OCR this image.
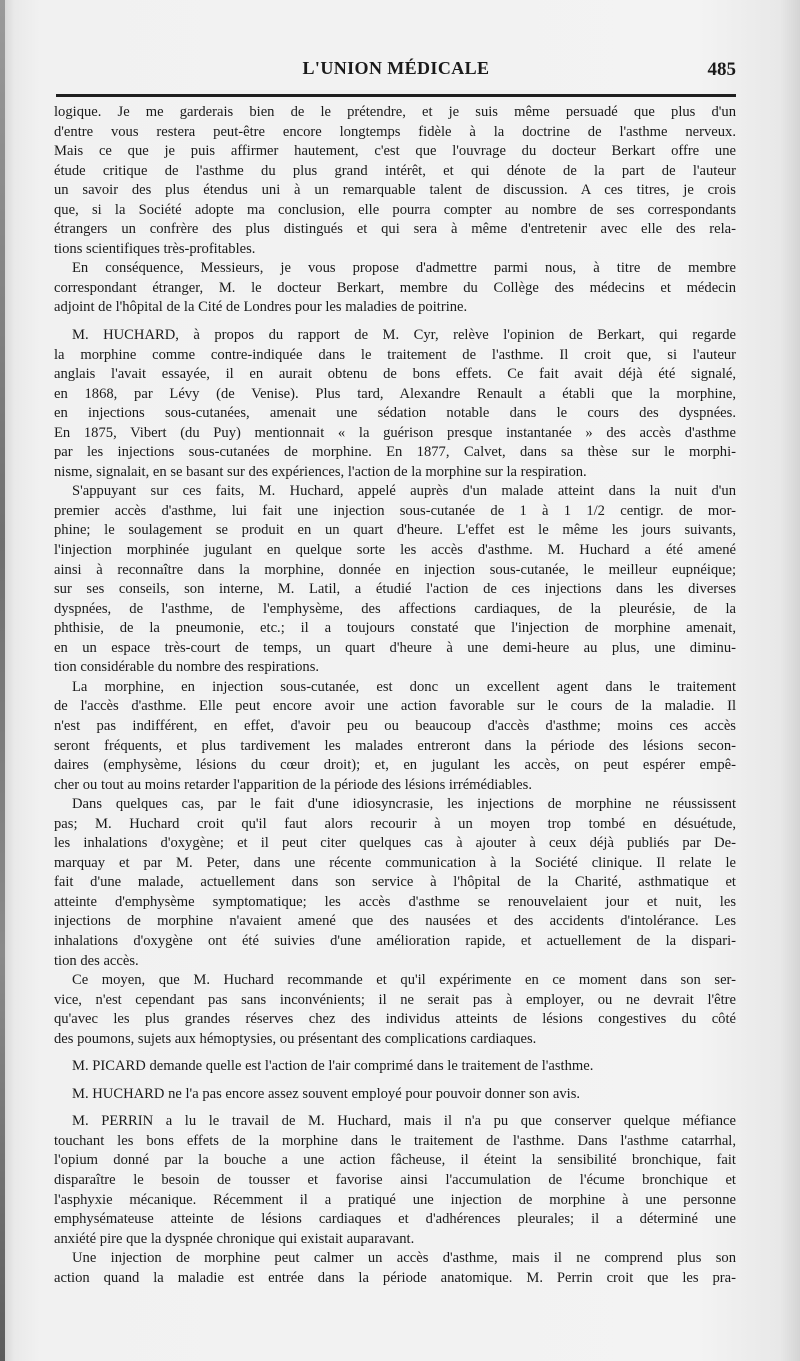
L'UNION MÉDICALE	485
logique. Je me garderais bien de le prétendre, et je suis même persuadé que plus d'un
d'entre vous restera peut-être encore longtemps fidèle à la doctrine de l'asthme nerveux.
Mais ce que je puis affirmer hautement, c'est que l'ouvrage du docteur Berkart offre une
étude critique de l'asthme du plus grand intérêt, et qui dénote de la part de l'auteur
un savoir des plus étendus uni à un remarquable talent de discussion. A ces titres, je crois
que, si la Société adopte ma conclusion, elle pourra compter au nombre de ses correspondants
étrangers un confrère des plus distingués et qui sera à même d'entretenir avec elle des rela-
tions scientifiques très-profitables.
En conséquence, Messieurs, je vous propose d'admettre parmi nous, à titre de membre
correspondant étranger, M. le docteur Berkart, membre du Collège des médecins et médecin
adjoint de l'hôpital de la Cité de Londres pour les maladies de poitrine.
M. HUCHARD, à propos du rapport de M. Cyr, relève l'opinion de Berkart, qui regarde
la morphine comme contre-indiquée dans le traitement de l'asthme. Il croit que, si l'auteur
anglais l'avait essayée, il en aurait obtenu de bons effets. Ce fait avait déjà été signalé,
en 1868, par Lévy (de Venise). Plus tard, Alexandre Renault a établi que la morphine,
en injections sous-cutanées, amenait une sédation notable dans le cours des dyspnées.
En 1875, Vibert (du Puy) mentionnait « la guérison presque instantanée » des accès d'asthme
par les injections sous-cutanées de morphine. En 1877, Calvet, dans sa thèse sur le morphi-
nisme, signalait, en se basant sur des expériences, l'action de la morphine sur la respiration.
S'appuyant sur ces faits, M. Huchard, appelé auprès d'un malade atteint dans la nuit d'un
premier accès d'asthme, lui fait une injection sous-cutanée de 1 à 1 1/2 centigr. de mor-
phine; le soulagement se produit en un quart d'heure. L'effet est le même les jours suivants,
l'injection morphinée jugulant en quelque sorte les accès d'asthme. M. Huchard a été amené
ainsi à reconnaître dans la morphine, donnée en injection sous-cutanée, le meilleur eupnéique;
sur ses conseils, son interne, M. Latil, a étudié l'action de ces injections dans les diverses
dyspnées, de l'asthme, de l'emphysème, des affections cardiaques, de la pleurésie, de la
phthisie, de la pneumonie, etc.; il a toujours constaté que l'injection de morphine amenait,
en un espace très-court de temps, un quart d'heure à une demi-heure au plus, une diminu-
tion considérable du nombre des respirations.
La morphine, en injection sous-cutanée, est donc un excellent agent dans le traitement
de l'accès d'asthme. Elle peut encore avoir une action favorable sur le cours de la maladie. Il
n'est pas indifférent, en effet, d'avoir peu ou beaucoup d'accès d'asthme; moins ces accès
seront fréquents, et plus tardivement les malades entreront dans la période des lésions secon-
daires (emphysème, lésions du cœur droit); et, en jugulant les accès, on peut espérer empê-
cher ou tout au moins retarder l'apparition de la période des lésions irrémédiables.
Dans quelques cas, par le fait d'une idiosyncrasie, les injections de morphine ne réussissent
pas; M. Huchard croit qu'il faut alors recourir à un moyen trop tombé en désuétude,
les inhalations d'oxygène; et il peut citer quelques cas à ajouter à ceux déjà publiés par De-
marquay et par M. Peter, dans une récente communication à la Société clinique. Il relate le
fait d'une malade, actuellement dans son service à l'hôpital de la Charité, asthmatique et
atteinte d'emphysème symptomatique; les accès d'asthme se renouvelaient jour et nuit, les
injections de morphine n'avaient amené que des nausées et des accidents d'intolérance. Les
inhalations d'oxygène ont été suivies d'une amélioration rapide, et actuellement de la dispari-
tion des accès.
Ce moyen, que M. Huchard recommande et qu'il expérimente en ce moment dans son ser-
vice, n'est cependant pas sans inconvénients; il ne serait pas à employer, ou ne devrait l'être
qu'avec les plus grandes réserves chez des individus atteints de lésions congestives du côté
des poumons, sujets aux hémoptysies, ou présentant des complications cardiaques.
M. PICARD demande quelle est l'action de l'air comprimé dans le traitement de l'asthme.
M. HUCHARD ne l'a pas encore assez souvent employé pour pouvoir donner son avis.
M. PERRIN a lu le travail de M. Huchard, mais il n'a pu que conserver quelque méfiance
touchant les bons effets de la morphine dans le traitement de l'asthme. Dans l'asthme catarrhal,
l'opium donné par la bouche a une action fâcheuse, il éteint la sensibilité bronchique, fait
disparaître le besoin de tousser et favorise ainsi l'accumulation de l'écume bronchique et
l'asphyxie mécanique. Récemment il a pratiqué une injection de morphine à une personne
emphysémateuse atteinte de lésions cardiaques et d'adhérences pleurales; il a déterminé une
anxiété pire que la dyspnée chronique qui existait auparavant.
Une injection de morphine peut calmer un accès d'asthme, mais il ne comprend plus son
action quand la maladie est entrée dans la période anatomique. M. Perrin croit que les pra-
